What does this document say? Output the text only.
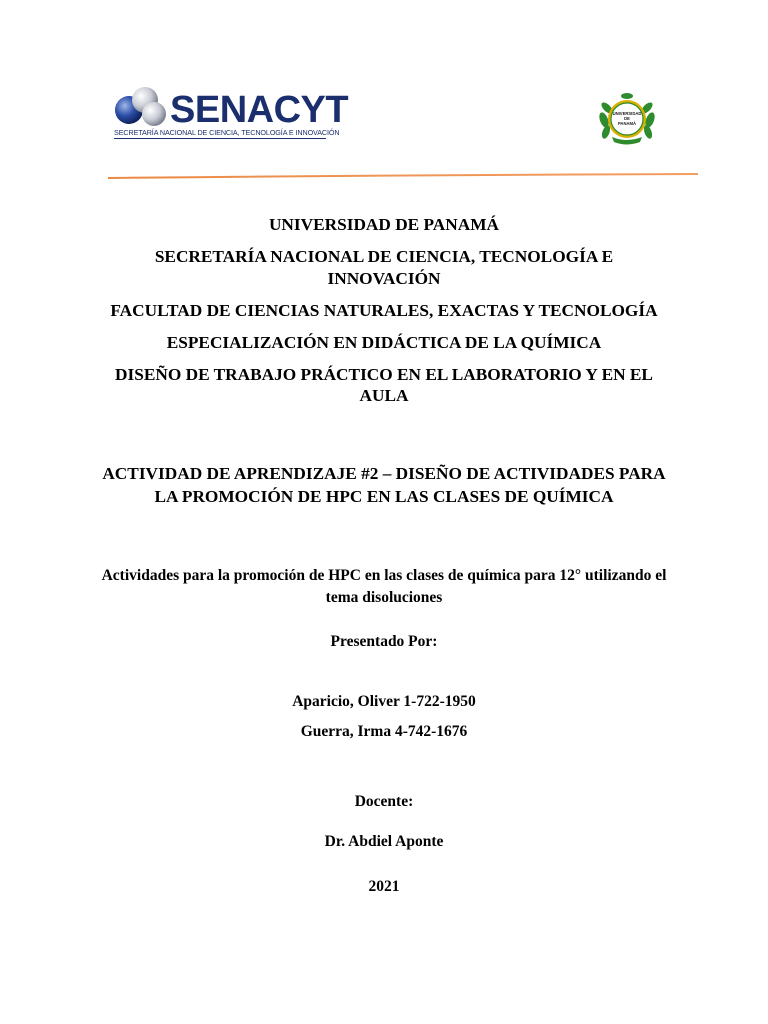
SENACYT
SECRETARÍA NACIONAL DE CIENCIA, TECNOLOGÍA E INNOVACIÓN
UNIVERSIDAD
DE
PANAMÁ
UNIVERSIDAD DE PANAMÁ
SECRETARÍA NACIONAL DE CIENCIA, TECNOLOGÍA E INNOVACIÓN
FACULTAD DE CIENCIAS NATURALES, EXACTAS Y TECNOLOGÍA
ESPECIALIZACIÓN EN DIDÁCTICA DE LA QUÍMICA
DISEÑO DE TRABAJO PRÁCTICO EN EL LABORATORIO Y EN EL AULA
ACTIVIDAD DE APRENDIZAJE #2 – DISEÑO DE ACTIVIDADES PARA LA PROMOCIÓN DE HPC EN LAS CLASES DE QUÍMICA
Actividades para la promoción de HPC en las clases de química para 12° utilizando el tema disoluciones
Presentado Por:
Aparicio, Oliver 1-722-1950
Guerra, Irma 4-742-1676
Docente:
Dr. Abdiel Aponte
2021
